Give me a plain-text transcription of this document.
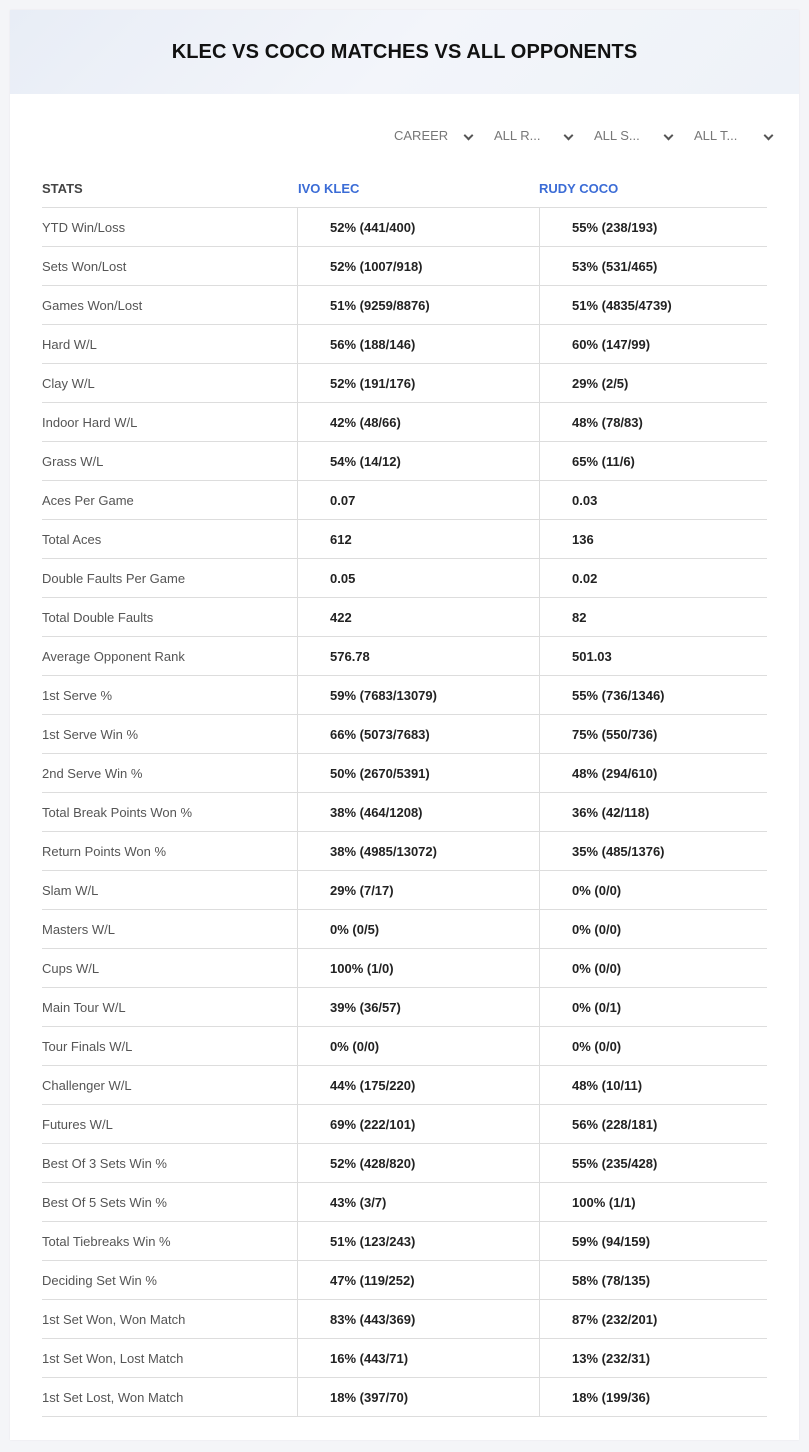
KLEC VS COCO MATCHES VS ALL OPPONENTS
CAREER	ALL R...	ALL S...	ALL T...
STATS	IVO KLEC	RUDY COCO
YTD Win/Loss	52% (441/400)	55% (238/193)
Sets Won/Lost	52% (1007/918)	53% (531/465)
Games Won/Lost	51% (9259/8876)	51% (4835/4739)
Hard W/L	56% (188/146)	60% (147/99)
Clay W/L	52% (191/176)	29% (2/5)
Indoor Hard W/L	42% (48/66)	48% (78/83)
Grass W/L	54% (14/12)	65% (11/6)
Aces Per Game	0.07	0.03
Total Aces	612	136
Double Faults Per Game	0.05	0.02
Total Double Faults	422	82
Average Opponent Rank	576.78	501.03
1st Serve %	59% (7683/13079)	55% (736/1346)
1st Serve Win %	66% (5073/7683)	75% (550/736)
2nd Serve Win %	50% (2670/5391)	48% (294/610)
Total Break Points Won %	38% (464/1208)	36% (42/118)
Return Points Won %	38% (4985/13072)	35% (485/1376)
Slam W/L	29% (7/17)	0% (0/0)
Masters W/L	0% (0/5)	0% (0/0)
Cups W/L	100% (1/0)	0% (0/0)
Main Tour W/L	39% (36/57)	0% (0/1)
Tour Finals W/L	0% (0/0)	0% (0/0)
Challenger W/L	44% (175/220)	48% (10/11)
Futures W/L	69% (222/101)	56% (228/181)
Best Of 3 Sets Win %	52% (428/820)	55% (235/428)
Best Of 5 Sets Win %	43% (3/7)	100% (1/1)
Total Tiebreaks Win %	51% (123/243)	59% (94/159)
Deciding Set Win %	47% (119/252)	58% (78/135)
1st Set Won, Won Match	83% (443/369)	87% (232/201)
1st Set Won, Lost Match	16% (443/71)	13% (232/31)
1st Set Lost, Won Match	18% (397/70)	18% (199/36)
